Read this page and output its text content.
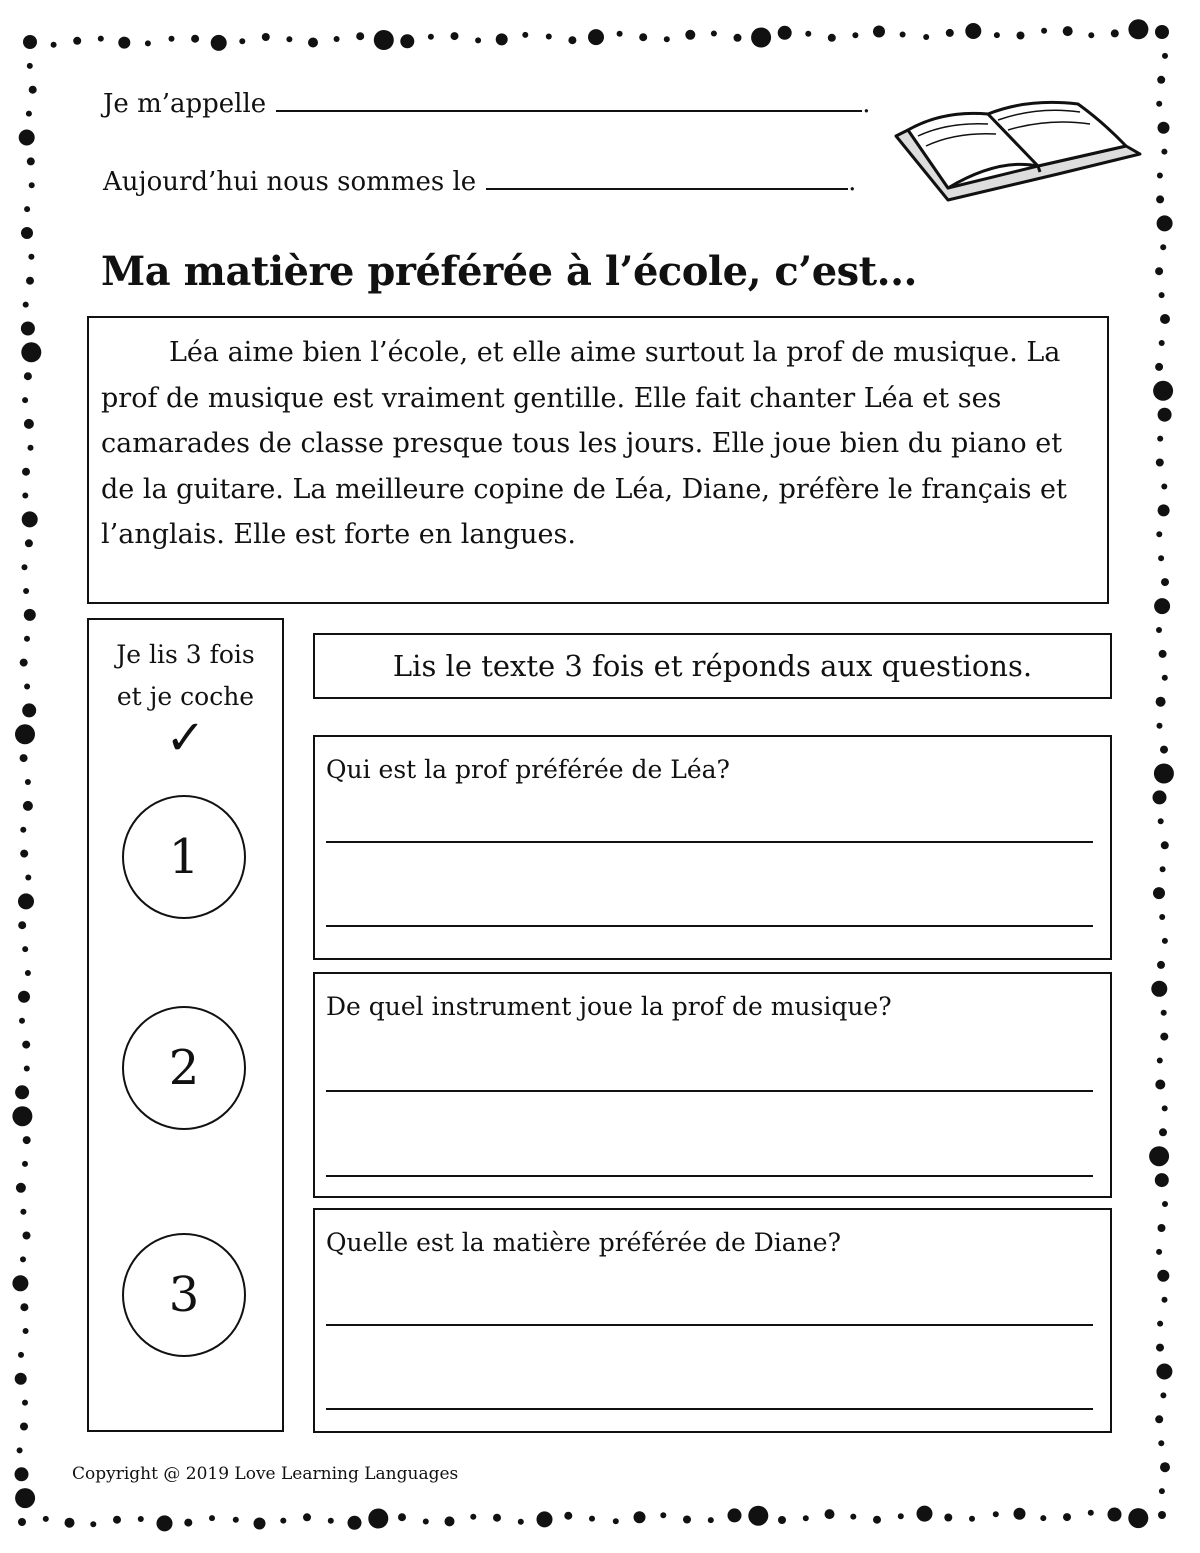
Je m’appelle	.
Aujourd’hui nous sommes le	.
Ma matière préférée à l’école, c’est...

Léa aime bien l’école, et elle aime surtout la prof de musique. La prof de musique est vraiment gentille. Elle fait chanter Léa et ses camarades de classe presque tous les jours. Elle joue bien du piano et de la guitare. La meilleure copine de Léa, Diane, préfère le français et l’anglais. Elle est forte en langues.

Je lis 3 fois
et je coche
✓
1
2
3
Lis le texte 3 fois et réponds aux questions.
Qui est la prof préférée de Léa?
De quel instrument joue la prof de musique?
Quelle est la matière préférée de Diane?
Copyright @ 2019 Love Learning Languages
